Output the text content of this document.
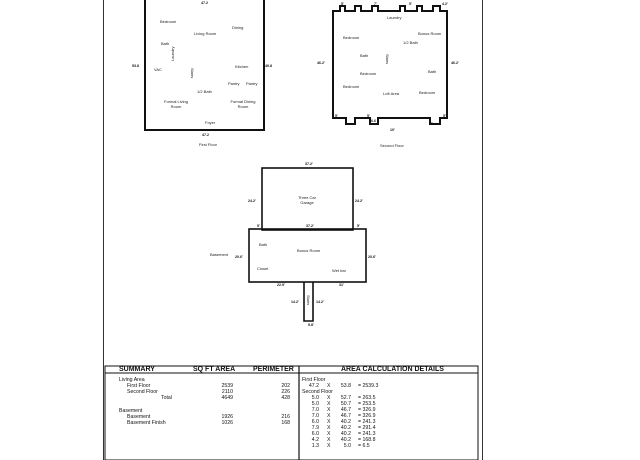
First Floor
Bedroom
Dining
Living Room
Bath
Laundry
Stairs
Kitchen
VAC
Pantry Pantry
1/2 Bath
Formal Living Room
Formal Dining Room
Foyer
47.2
53.8	49.8
47.2
Second Floor
Laundry
Bedroom
Bonus Room
1/2 Bath
Bath	Stairs
Bath
Bedroom
Loft Area
Bedroom
Bedroom
5'	7'	5'	4.2'
46.2'	46.2'
5'	5'
6.6
10'
7'
5'
Three Car Garage
Bath
Bonus Room
Basement
Closet	Wet bar
Stairs
37.2'
24.2'	24.2'
37.2'
5'	5'
20.6'	20.6'
22.9'	31'
14.2'	14.2'
5.8'
SUMMARY	SQ FT AREA	PERIMETER	AREA CALCULATION DETAILS
Living Area
First Floor	2539	202
Second Floor	2110	226
Total	4649	428
Basement
Basement	1926	216
Basement Finish	1026	168
First Floor
47.2 X	53.8 = 2539.3
Second Floor
5.0 X	52.7 = 263.5
5.0 X	50.7 = 253.5
7.0 X	46.7 = 326.9
7.0 X	46.7 = 326.9
6.0 X	40.2 = 241.3
7.9 X	40.2 = 291.4
6.0 X	40.2 = 241.3
4.2 X	40.2 = 168.8
1.3 X	5.0 = 6.5
